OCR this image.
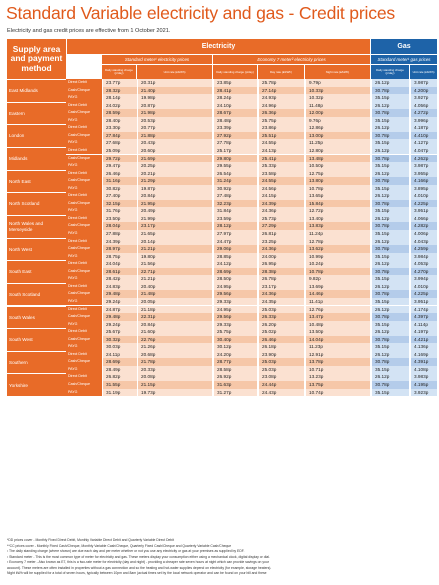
Standard Variable electricity and gas - Credit prices
Electricity and gas credit prices are effective from 1 October 2021.
Supply area and payment method
Electricity	Gas
Standard meter¹ electricity prices	Economy 7 meter² electricity prices	Standard meter¹ gas prices
Daily standing charge (p/day)	Unit rate (£/kWh)	Daily standing charge (p/day)	Day rate (£/kWh)	Night rate (£/kWh)	Daily standing charge (p/day)	Unit rate (£/kWh)
East Midlands
Direct Debit	23.77p	20.31p	23.85p	25.78p	9.79p	26.12p	3.987p
Cash/Cheque	28.32p	21.40p	28.41p	27.14p	10.33p	30.78p	4.200p
PAYG	28.14p	19.98p	28.24p	24.93p	10.32p	35.15p	3.927p
Eastern
Direct Debit	24.02p	20.87p	24.10p	24.96p	11.48p	26.12p	4.056p
Cash/Cheque	28.59p	21.98p	28.67p	26.36p	12.00p	30.78p	4.272p
PAYG	28.40p	20.53p	28.48p	25.75p	9.76p	35.15p	3.996p
London
Direct Debit	23.30p	20.77p	23.39p	23.86p	12.86p	26.12p	4.187p
Cash/Cheque	27.84p	21.88p	27.92p	25.51p	13.00p	30.78p	4.410p
PAYG	27.68p	20.43p	27.78p	24.55p	11.25p	35.15p	4.127p
Midlands
Direct Debit	25.09p	20.60p	25.17p	24.13p	12.80p	26.12p	4.047p
Cash/Cheque	29.72p	21.69p	29.80p	25.41p	13.48p	30.78p	4.262p
PAYG	29.47p	20.25p	29.55p	25.33p	10.50p	35.15p	3.987p
North East
Direct Debit	26.46p	20.21p	26.54p	23.58p	12.75p	26.12p	3.955p
Cash/Cheque	31.16p	21.29p	31.24p	24.55p	13.80p	30.78p	4.166p
PAYG	30.82p	19.87p	30.92p	24.56p	10.78p	35.15p	3.895p
North Scotland
Direct Debit	27.40p	20.84p	27.48p	24.15p	13.65p	26.12p	4.010p
Cash/Cheque	32.15p	21.95p	32.23p	24.39p	15.84p	30.78p	4.225p
PAYG	31.76p	20.49p	31.84p	24.36p	12.72p	35.15p	3.951p
North Wales and Merseyside
Direct Debit	23.50p	21.99p	23.59p	25.73p	13.40p	26.12p	4.066p
Cash/Cheque	28.04p	23.17p	28.12p	27.29p	13.83p	30.78p	4.282p
PAYG	27.88p	21.65p	27.97p	26.81p	11.24p	35.15p	4.006p
North West
Direct Debit	24.39p	20.14p	24.47p	23.25p	12.78p	26.12p	4.043p
Cash/Cheque	28.97p	21.21p	29.06p	24.36p	13.62p	30.78p	4.259p
PAYG	28.75p	19.80p	28.85p	24.00p	10.99p	35.15p	3.984p
South East
Direct Debit	24.04p	21.56p	24.12p	26.95p	10.24p	26.12p	4.053p
Cash/Cheque	28.61p	22.71p	28.69p	28.38p	10.78p	30.78p	4.270p
PAYG	28.42p	21.21p	28.50p	26.78p	9.82p	35.15p	3.994p
South Scotland
Direct Debit	24.83p	20.40p	24.95p	23.17p	13.69p	26.12p	4.010p
Cash/Cheque	29.48p	21.48p	29.56p	24.36p	14.46p	30.78p	4.225p
PAYG	29.24p	20.05p	29.33p	24.35p	11.41p	35.15p	3.951p
South Wales
Direct Debit	24.87p	21.18p	24.95p	25.03p	12.76p	26.12p	4.174p
Cash/Cheque	29.48p	22.31p	29.56p	26.33p	13.47p	30.78p	4.397p
PAYG	29.24p	20.84p	29.33p	26.20p	10.48p	35.15p	4.114p
South West
Direct Debit	25.67p	21.60p	25.75p	25.02p	13.50p	26.12p	4.197p
Cash/Cheque	30.32p	22.76p	30.40p	26.46p	14.04p	30.78p	4.421p
PAYG	30.03p	21.26p	30.12p	26.18p	11.23p	35.15p	4.136p
Southern
Direct Debit	24.11p	20.68p	24.20p	23.90p	12.91p	26.12p	4.169p
Cash/Cheque	28.69p	21.78p	28.77p	25.03p	13.78p	30.78p	4.391p
PAYG	28.49p	20.33p	28.58p	25.03p	10.71p	35.15p	4.108p
Yorkshire
Direct Debit	26.82p	20.08p	26.92p	23.08p	13.23p	26.12p	3.983p
Cash/Cheque	31.55p	21.15p	31.63p	24.44p	13.75p	30.78p	4.195p
PAYG	31.19p	19.73p	31.27p	24.43p	10.74p	35.15p	3.923p
*DD prices cover - Monthly Fixed Direct Debit, Monthly Variable Direct Debit and Quarterly Variable Direct Debit
**CC prices cover - Monthly Fixed Cash/Cheque, Monthly Variable Cash/Cheque, Quarterly Fixed Cash/Cheque and Quarterly Variable Cash/Cheque
¹ The daily standing charge (where shown) are due each day and per meter whether or not you use any electricity or gas at your premises as supplied by EDF.
¹ Standard meter - This is the most common type of meter for electricity and gas. These meters display your consumption either using a mechanical clock, digital display or dial.
² Economy 7 meter - Also known as E7, this is a two-rate meter for electricity (day and night) - providing a cheaper rate seven hours at night which can provide savings on your
account). These meters are often installed in properties without a gas connection and so the heating and hot-water supplies depend on electricity (for example, storage heaters).
Night kWh will be supplied for a total of seven hours, typically between 10pm and 8am (actual times set by the local network operator and can be found on your bill and these
